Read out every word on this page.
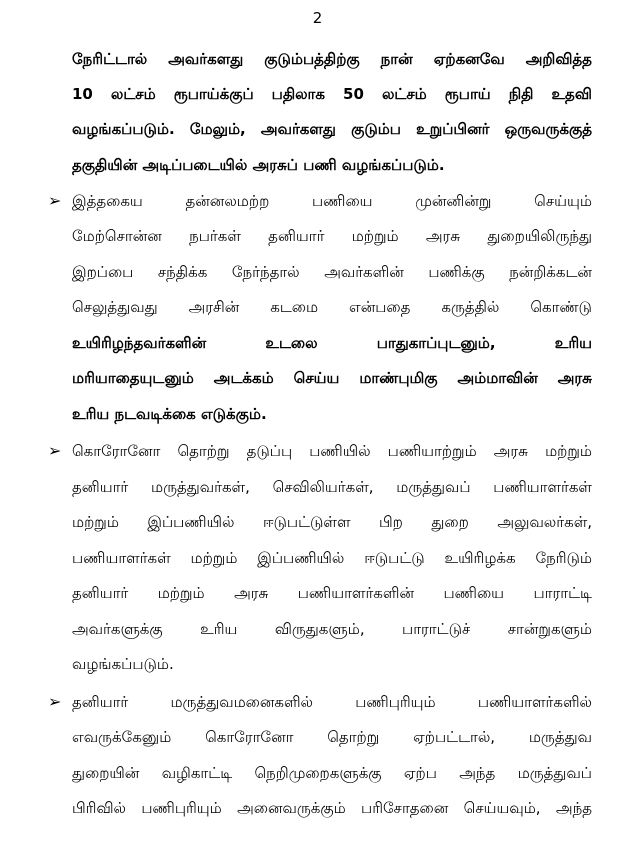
2
நேரிட்டால் அவர்களது குடும்பத்திற்கு நான் ஏற்கனவே அறிவித்த
10 லட்சம் ரூபாய்க்குப் பதிலாக 50 லட்சம் ரூபாய் நிதி உதவி
வழங்கப்படும். மேலும், அவர்களது குடும்ப உறுப்பினர் ஒருவருக்குத்
தகுதியின் அடிப்படையில் அரசுப் பணி வழங்கப்படும்.
➢ இத்தகைய	தன்னலமற்ற	பணியை	முன்னின்று	செய்யும்
மேற்சொன்ன நபர்கள் தனியார் மற்றும் அரசு துறையிலிருந்து
இறப்பை சந்திக்க நேர்ந்தால் அவர்களின் பணிக்கு நன்றிக்கடன்
செலுத்துவது அரசின் கடமை என்பதை கருத்தில் கொண்டு
உயிரிழந்தவர்களின்	உடலை	பாதுகாப்புடனும்,	உரிய
மரியாதையுடனும் அடக்கம் செய்ய மாண்புமிகு அம்மாவின் அரசு
உரிய நடவடிக்கை எடுக்கும்.
➢ கொரோனோ தொற்று தடுப்பு பணியில் பணியாற்றும் அரசு மற்றும்
தனியார் மருத்துவர்கள், செவிலியர்கள், மருத்துவப் பணியாளர்கள்
மற்றும் இப்பணியில் ஈடுபட்டுள்ள பிற துறை அலுவலர்கள்,
பணியாளர்கள் மற்றும் இப்பணியில் ஈடுபட்டு உயிரிழக்க நேரிடும்
தனியார் மற்றும் அரசு பணியாளர்களின் பணியை பாராட்டி
அவர்களுக்கு உரிய விருதுகளும், பாராட்டுச் சான்றுகளும்
வழங்கப்படும்.
➢ தனியார்	மருத்துவமனைகளில்	பணிபுரியும்	பணியாளர்களில்
எவருக்கேனும் கொரோனோ தொற்று ஏற்பட்டால், மருத்துவ
துறையின் வழிகாட்டி நெறிமுறைகளுக்கு ஏற்ப அந்த மருத்துவப்
பிரிவில் பணிபுரியும் அனைவருக்கும் பரிசோதனை செய்யவும், அந்த
